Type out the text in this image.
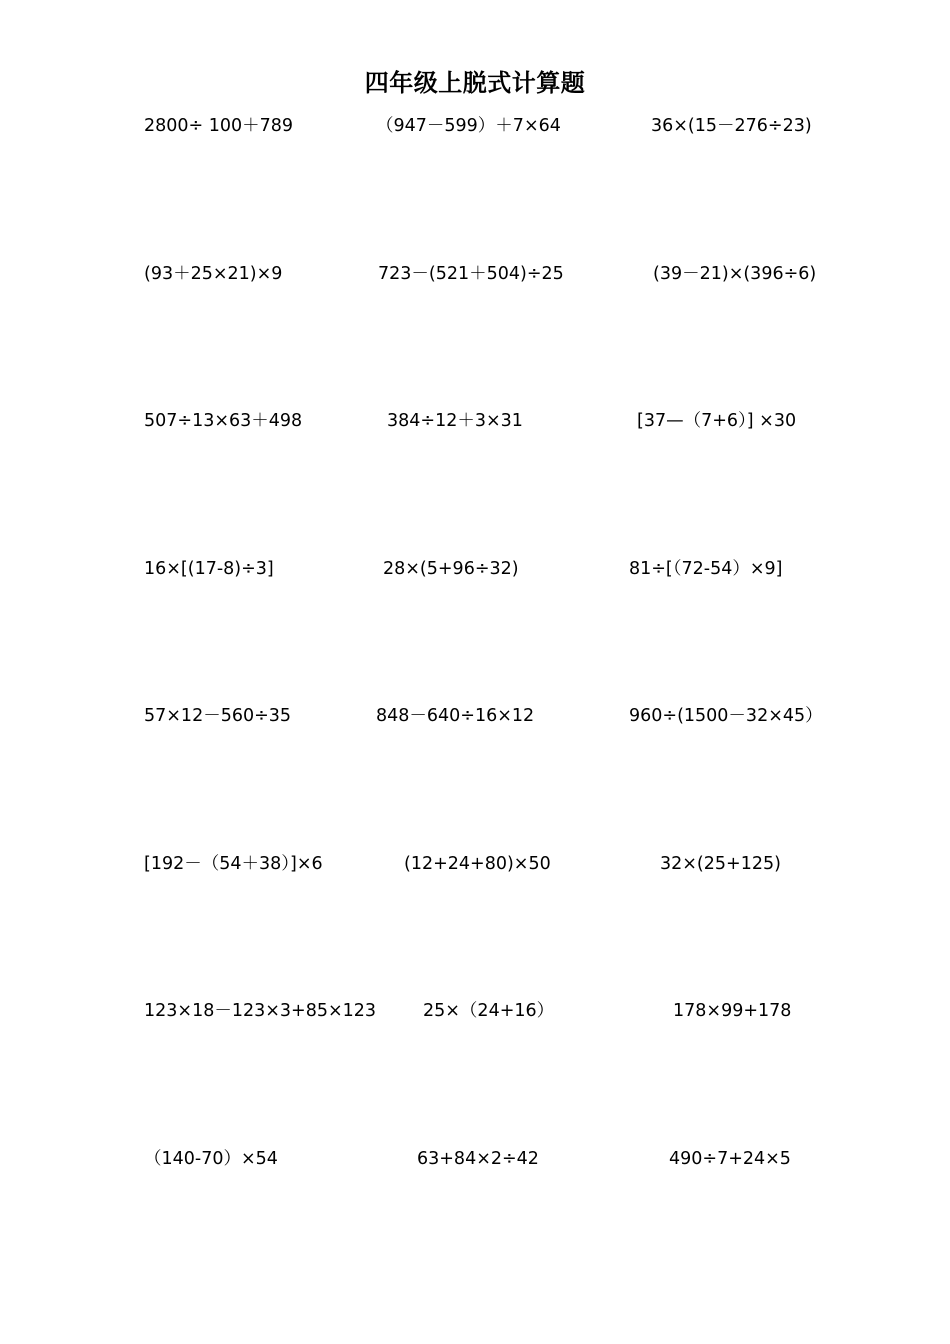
四年级上脱式计算题
2800÷ 100＋789	（947－599）＋7×64	36×(15－276÷23)
(93＋25×21)×9	723－(521＋504)÷25	(39－21)×(396÷6)
507÷13×63＋498	384÷12＋3×31	[37—（7+6）] ×30
16×[(17-8)÷3]	28×(5+96÷32)	81÷[（72-54）×9]
57×12－560÷35	848－640÷16×12	960÷(1500－32×45）
[192－（54＋38）]×6	(12+24+80)×50	32×(25+125)
123×18－123×3+85×123	25×（24+16）	178×99+178
（140-70）×54	63+84×2÷42	490÷7+24×5
